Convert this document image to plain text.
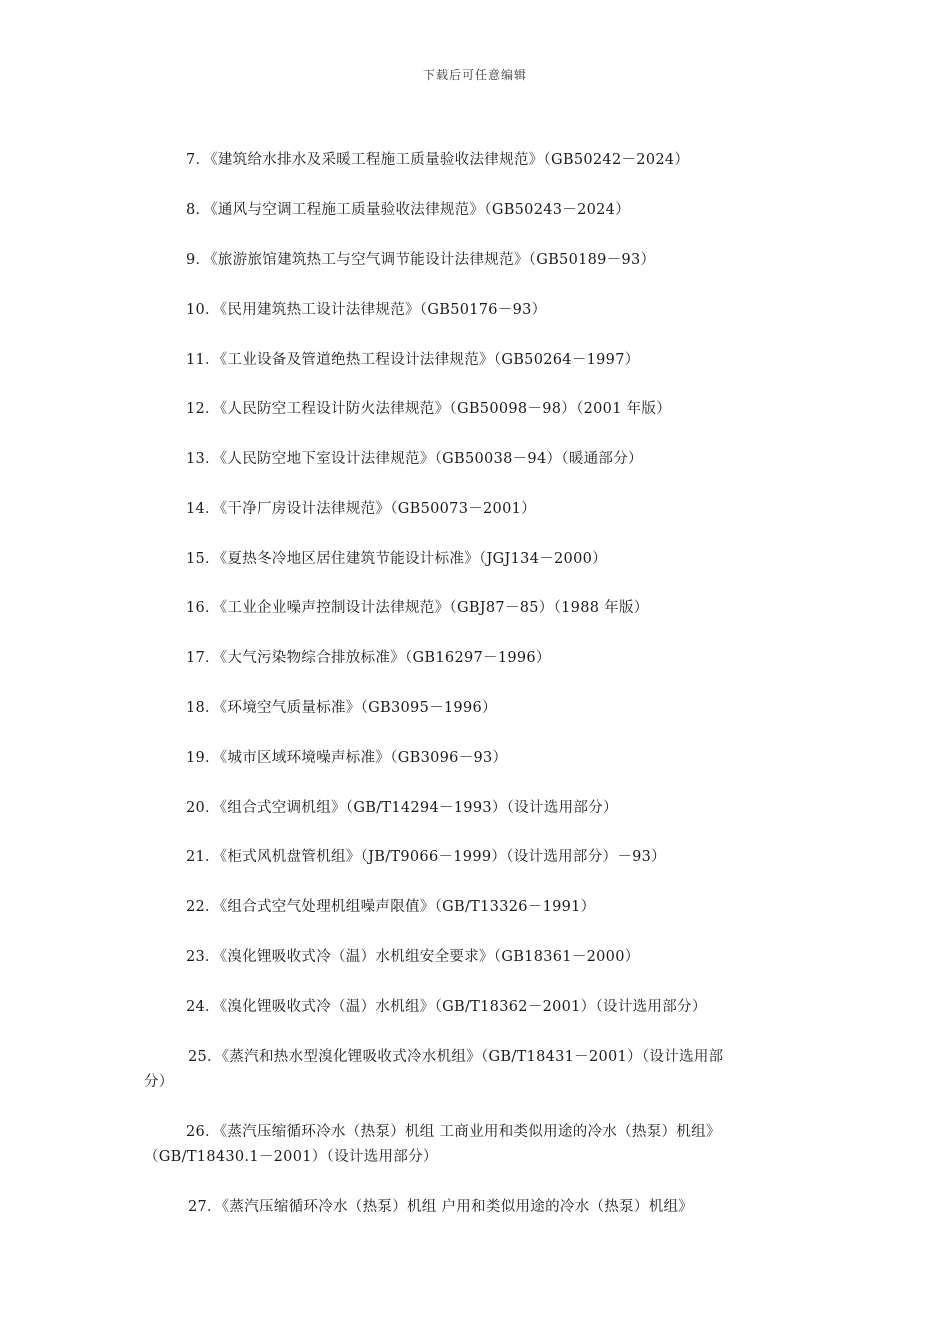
下载后可任意编辑
7．《建筑给水排水及采暖工程施工质量验收法律规范》（GB50242－2024）
8．《通风与空调工程施工质量验收法律规范》（GB50243－2024）
9．《旅游旅馆建筑热工与空气调节能设计法律规范》（GB50189－93）
10．《民用建筑热工设计法律规范》（GB50176－93）
11．《工业设备及管道绝热工程设计法律规范》（GB50264－1997）
12．《人民防空工程设计防火法律规范》（GB50098－98）（2001 年版）
13．《人民防空地下室设计法律规范》（GB50038－94）（暖通部分）
14．《干净厂房设计法律规范》（GB50073－2001）
15．《夏热冬冷地区居住建筑节能设计标准》（JGJ134－2000）
16．《工业企业噪声控制设计法律规范》（GBJ87－85）（1988 年版）
17．《大气污染物综合排放标准》（GB16297－1996）
18．《环境空气质量标准》（GB3095－1996）
19．《城市区域环境噪声标准》（GB3096－93）
20．《组合式空调机组》（GB/T14294－1993）（设计选用部分）
21．《柜式风机盘管机组》（JB/T9066－1999）（设计选用部分）－93）
22．《组合式空气处理机组噪声限值》（GB/T13326－1991）
23．《溴化锂吸收式冷（温）水机组安全要求》（GB18361－2000）
24．《溴化锂吸收式冷（温）水机组》（GB/T18362－2001）（设计选用部分）
25．《蒸汽和热水型溴化锂吸收式冷水机组》（GB/T18431－2001）（设计选用部
分）
26．《蒸汽压缩循环冷水（热泵）机组 工商业用和类似用途的冷水（热泵）机组》
（GB/T18430.1－2001）（设计选用部分）
27．《蒸汽压缩循环冷水（热泵）机组 户用和类似用途的冷水（热泵）机组》
